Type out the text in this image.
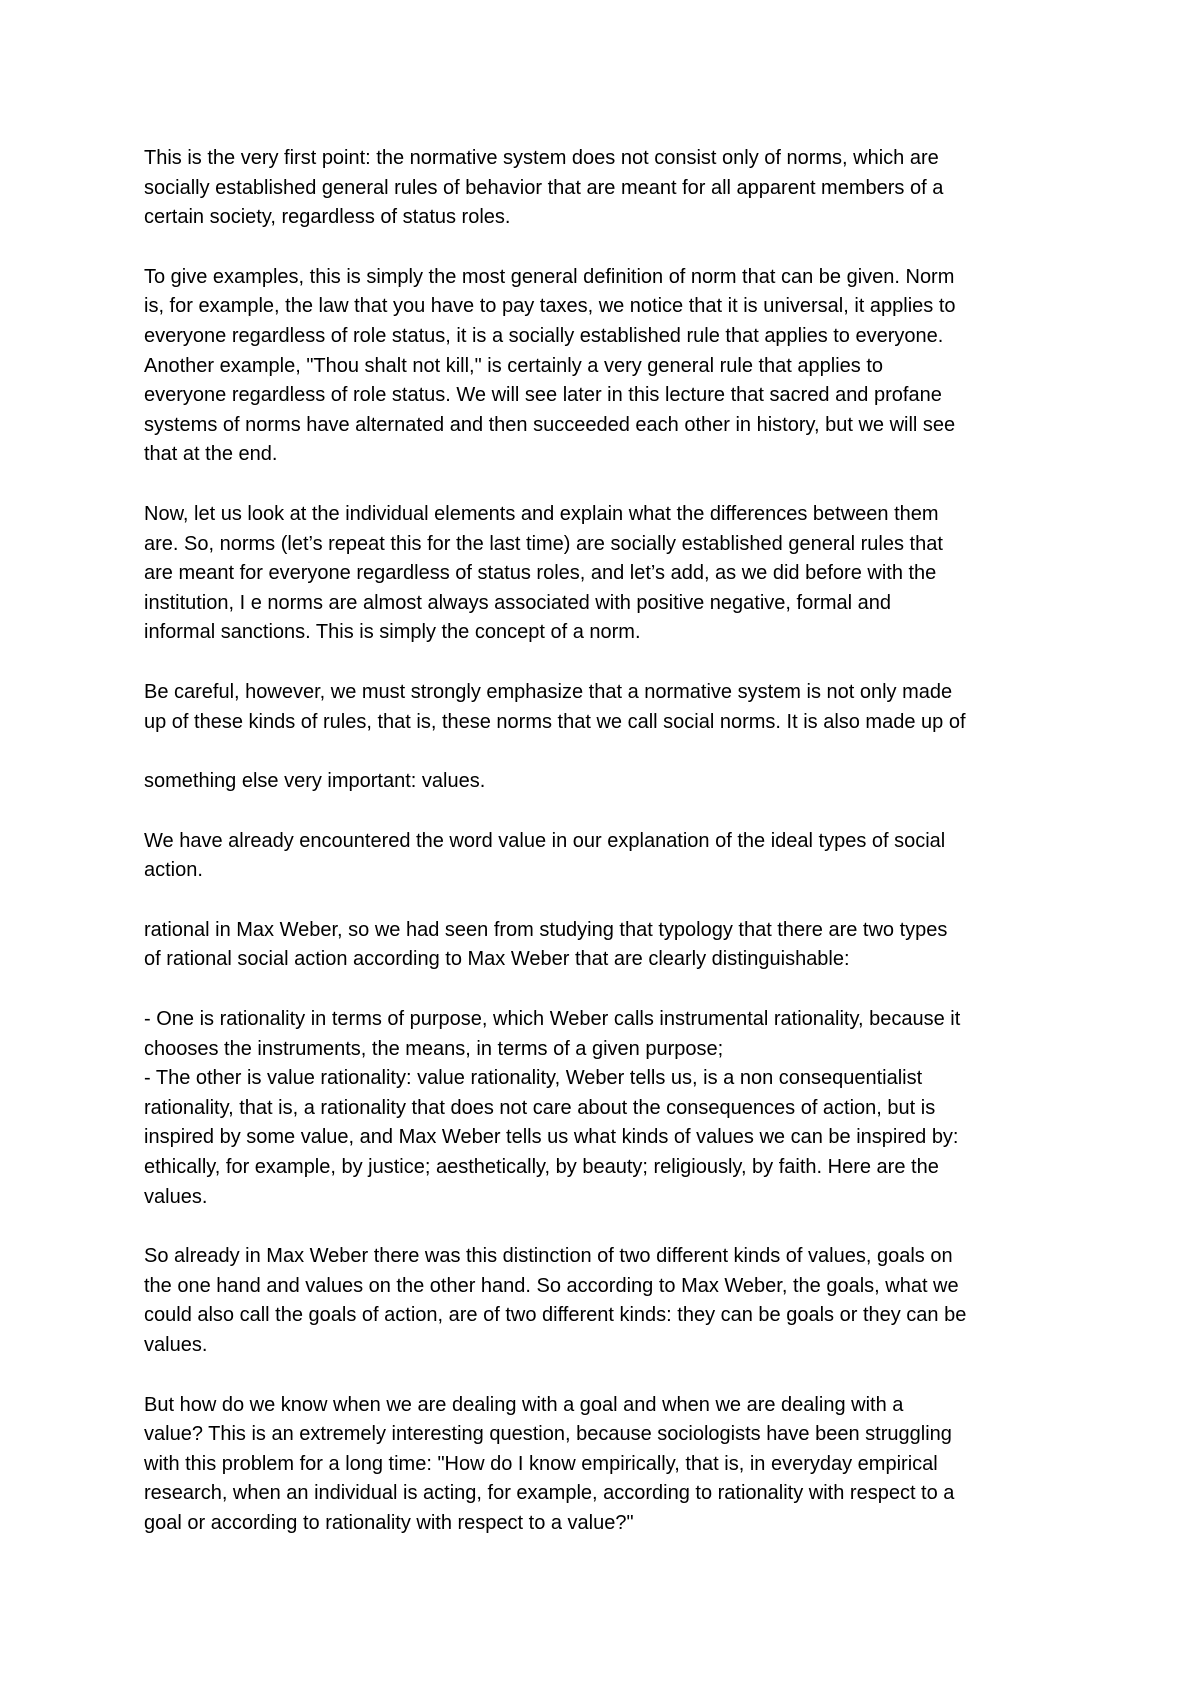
This is the very first point: the normative system does not consist only of norms, which are
socially established general rules of behavior that are meant for all apparent members of a
certain society, regardless of status roles.

To give examples, this is simply the most general definition of norm that can be given. Norm
is, for example, the law that you have to pay taxes, we notice that it is universal, it applies to
everyone regardless of role status, it is a socially established rule that applies to everyone.
Another example, "Thou shalt not kill," is certainly a very general rule that applies to
everyone regardless of role status. We will see later in this lecture that sacred and profane
systems of norms have alternated and then succeeded each other in history, but we will see
that at the end.

Now, let us look at the individual elements and explain what the differences between them
are. So, norms (let’s repeat this for the last time) are socially established general rules that
are meant for everyone regardless of status roles, and let’s add, as we did before with the
institution, I e norms are almost always associated with positive negative, formal and
informal sanctions. This is simply the concept of a norm.

Be careful, however, we must strongly emphasize that a normative system is not only made
up of these kinds of rules, that is, these norms that we call social norms. It is also made up of

something else very important: values.

We have already encountered the word value in our explanation of the ideal types of social
action.

rational in Max Weber, so we had seen from studying that typology that there are two types
of rational social action according to Max Weber that are clearly distinguishable:

- One is rationality in terms of purpose, which Weber calls instrumental rationality, because it
chooses the instruments, the means, in terms of a given purpose;

- The other is value rationality: value rationality, Weber tells us, is a non consequentialist
rationality, that is, a rationality that does not care about the consequences of action, but is
inspired by some value, and Max Weber tells us what kinds of values we can be inspired by:
ethically, for example, by justice; aesthetically, by beauty; religiously, by faith. Here are the
values.

So already in Max Weber there was this distinction of two different kinds of values, goals on
the one hand and values on the other hand. So according to Max Weber, the goals, what we
could also call the goals of action, are of two different kinds: they can be goals or they can be
values.

But how do we know when we are dealing with a goal and when we are dealing with a
value? This is an extremely interesting question, because sociologists have been struggling
with this problem for a long time: "How do I know empirically, that is, in everyday empirical
research, when an individual is acting, for example, according to rationality with respect to a
goal or according to rationality with respect to a value?"
